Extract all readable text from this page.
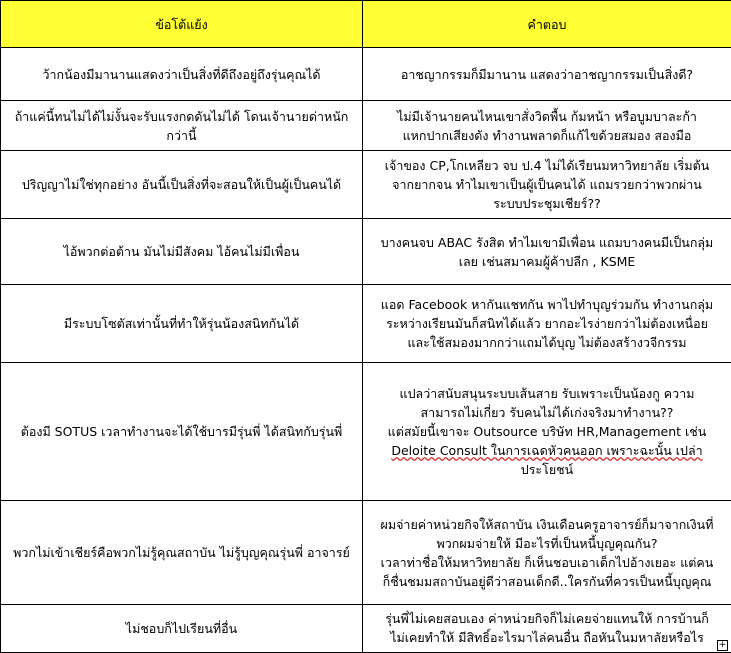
ข้อโต้แย้ง	คำตอบ
ว้ากน้องมีมานานแสดงว่าเป็นสิ่งที่ดีถึงอยู่ถึงรุ่นคุณได้	อาชญากรรมก็มีมานาน แสดงว่าอาชญากรรมเป็นสิ่งดี?

ถ้าแค่นี้ทนไม่ได้ไม่งั้นจะรับแรงกดดันไม่ได้ โดนเจ้านายด่าหนัก กว่านี้	ไม่มีเจ้านายคนไหนเขาสั่งวิดพื้น ก้มหน้า หรือบูมบาละก้า
แหกปากเสียงดัง ทำงานพลาดก็แก้ไขด้วยสมอง สองมือ

ปริญญาไม่ใช่ทุกอย่าง อันนี้เป็นสิ่งที่จะสอนให้เป็นผู้เป็นคนได้	เจ้าของ CP,โกเหลียว จบ ป.4 ไม่ได้เรียนมหาวิทยาลัย เริ่มต้น
จากยากจน ทำไมเขาเป็นผู้เป็นคนได้ แถมรวยกว่าพวกผ่าน
ระบบประชุมเชียร์??

ไอ้พวกต่อต้าน มันไม่มีสังคม ไอ้คนไม่มีเพื่อน	บางคนจบ ABAC รังสิต ทำไมเขามีเพื่อน แถมบางคนมีเป็นกลุ่ม
เลย เช่นสมาคมผู้ค้าปลีก , KSME

มีระบบโซตัสเท่านั้นที่ทำให้รุ่นน้องสนิทกันได้	แอด Facebook หากันแชทกัน พาไปทำบุญร่วมกัน ทำงานกลุ่ม
ระหว่างเรียนมันก็สนิทได้แล้ว ยากอะไรง่ายกว่าไม่ต้องเหนื่อย
และใช้สมองมากกว่าแถมได้บุญ ไม่ต้องสร้างวจีกรรม

ต้องมี SOTUS เวลาทำงานจะได้ใช้บารมีรุ่นพี่ ได้สนิทกับรุ่นพี่	แปลว่าสนับสนุนระบบเส้นสาย รับเพราะเป็นน้องกู ความ
สามารถไม่เกี่ยว รับคนไม่ได้เก่งจริงมาทำงาน??
แต่สมัยนี้เขาจะ Outsource บริษัท HR,Management เช่น
Deloite Consult ในการเฉดหัวคนออก เพราะฉะนั้น เปล่า
ประโยชน์

พวกไม่เข้าเชียร์คือพวกไม่รู้คุณสถาบัน ไม่รู้บุญคุณรุ่นพี่ อาจารย์	ผมจ่ายค่าหน่วยกิจให้สถาบัน เงินเดือนครูอาจารย์ก็มาจากเงินที่
พวกผมจ่ายให้ มีอะไรที่เป็นหนี้บุญคุณกัน?
เวลาท่าชื่อให้มหาวิทยาลัย ก็เห็นชอบเอาเด็กไปอ้างเยอะ แต่คน
ก็ชื่นชมมสถาบันอยู่ดีว่าสอนเด็กดี..ใครกันที่ควรเป็นหนี้บุญคุณ

ไม่ชอบก็ไปเรียนที่อื่น	รุ่นพี่ไม่เคยสอบเอง ค่าหน่วยกิจก็ไม่เคยจ่ายแทนให้ การบ้านก็
ไม่เคยทำให้ มีสิทธิ์อะไรมาไล่คนอื่น ถือหันในมหาลัยหรือไร
+
